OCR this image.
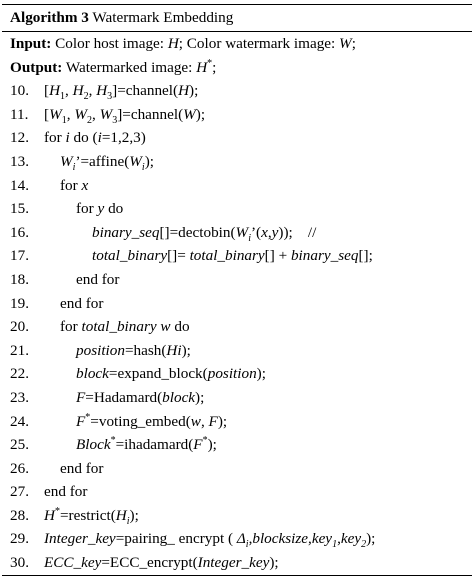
Algorithm 3 Watermark Embedding
Input: Color host image: H; Color watermark image: W;
Output: Watermarked image: H*;
10. [$H_1$, $H_2$, $H_3]=channel(H)$;
11. [$W_1$, $W_2$, $W_3]=channel(W)$;
12. for i do (i=1,2,3)
13. $W_i’=affine(W_i)$;
14. for x
15.	for y do
16.	$binary\_seq[]=dectobin(W_i’(x,y))$;    //
17.	total_binary[]= total_binary[] + binary_seq[];
18.	end for
19. end for
20. for total_binary w do
21.	position=hash(Hi);
22.	block=expand_block(position);
23.	F=Hadamard(block);
24.	F*=voting_embed(w, F);
25.	Block*=ihadamard(F*);
26. end for
27. end for
28. $H^*=restrict(H_i)$;
29. Integer_key=pairing_ encrypt ( $\Delta_i,blocksize,key_1,key_2$);
30. ECC_key=ECC_encrypt(Integer_key);
